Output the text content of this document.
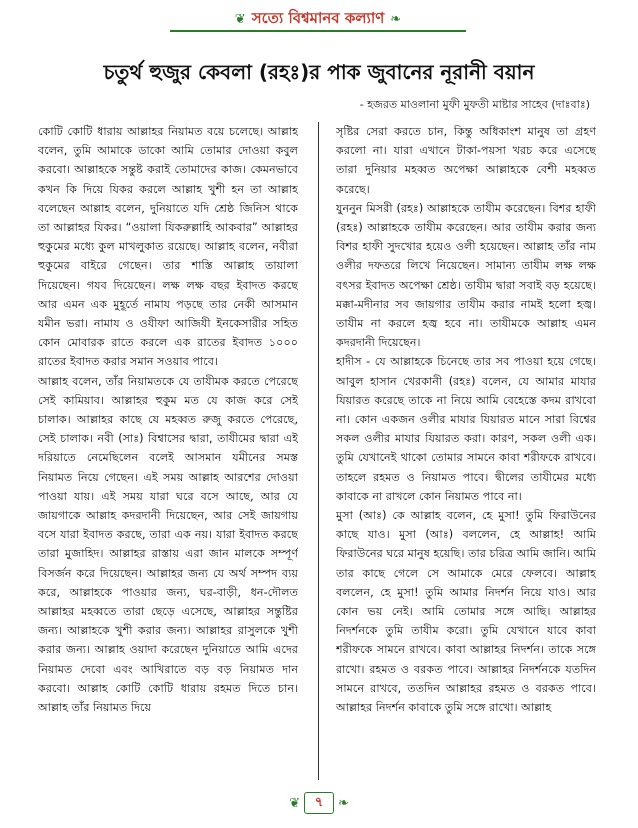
❦ সত্যে বিশ্বমানব কল্যাণ ❧
চতুর্থ হুজুর কেবলা (রহঃ)র পাক জুবানের নূরানী বয়ান
- হজরত মাওলানা মুফী মুফতী মাষ্টার সাহেব (দাঃবাঃ)

কোটি কোটি ধারায় আল্লাহর নিয়ামত বয়ে চলেছে। আল্লাহ বলেন, তুমি আমাকে ডাকো আমি তোমার দোওয়া কবুল করবো। আল্লাহকে সন্তুষ্ট করাই তোমাদের কাজ। কেমনভাবে কখন কি দিয়ে যিকর করলে আল্লাহ খুশী হন তা আল্লাহ বলেছেন আল্লাহ বলেন, দুনিয়াতে যদি শ্রেষ্ঠ জিনিস থাকে তা আল্লাহর যিকর। “ওয়ালা যিকরুল্লাহি আকবার” আল্লাহর হুকুমের মধ্যে কুল মাখলুকাত রয়েছে। আল্লাহ বলেন, নবীরা হুকুমের বাইরে গেছেন। তার শাস্তি আল্লাহ তায়ালা দিয়েছেন। গযব দিয়েছেন। লক্ষ লক্ষ বছর ইবাদত করছে আর এমন এক মুহূর্তে নামায পড়ছে তার নেকী আসমান যমীন ভরা। নামায ও ওযীফা আজিযী ইনকেসারীর সহিত কোন মোবারক রাতে করলে এক রাতের ইবাদত ১০০০ রাতের ইবাদত করার সমান সওয়াব পাবে।

আল্লাহ বলেন, তাঁর নিয়ামতকে যে তাযীমক করতে পেরেছে সেই কামিয়াব। আল্লাহর হুকুম মত যে কাজ করে সেই চালাক। আল্লাহর কাছে যে মহব্বত রুজু করতে পেরেছে, সেই চালাক। নবী (সাঃ) বিশ্বাসের দ্বারা, তাযীমের দ্বারা এই দরিয়াতে নেমেছিলেন বলেই আসমান যমীনের সমস্ত নিয়ামত নিয়ে গেছেন। এই সময় আল্লাহ আরশের দোওয়া পাওয়া যায়। এই সময় যারা ঘরে বসে আছে, আর যে জায়গাকে আল্লাহ কদরদানী দিয়েছেন, আর সেই জায়গায় বসে যারা ইবাদত করছে, তারা এক নয়। যারা ইবাদত করছে তারা মুজাহিদ। আল্লাহর রাস্তায় এরা জান মালকে সম্পূর্ণ বিসর্জন করে দিয়েছেন। আল্লাহর জন্য যে অর্থ সম্পদ ব্যয় করে, আল্লাহকে পাওয়ার জন্য, ঘর-বাড়ী, ধন-দৌলত আল্লাহর মহব্বতে তারা ছেড়ে এসেছে, আল্লাহর সন্তুষ্টির জন্য। আল্লাহকে খুশী করার জন্য। আল্লাহর রাসুলকে খুশী করার জন্য। আল্লাহ ওয়াদা করেছেন দুনিয়াতে আমি এদের নিয়ামত দেবো এবং আখিরাতে বড় বড় নিয়ামত দান করবো। আল্লাহ কোটি কোটি ধারায় রহমত দিতে চান। আল্লাহ তাঁর নিয়ামত দিয়ে

সৃষ্টির সেরা করতে চান, কিন্তু অধিকাংশ মানুষ তা গ্রহণ করলো না। যারা এখানে টাকা-পয়সা খরচ করে এসেছে তারা দুনিয়ার মহব্বত অপেক্ষা আল্লাহকে বেশী মহব্বত করেছে।

যুননুন মিসরী (রহঃ) আল্লাহকে তাযীম করেছেন। বিশর হাফী (রহঃ) আল্লাহকে তাযীম করেছেন। আর তাযীম করার জন্য বিশর হাফী সুদখোর হয়েও ওলী হয়েছেন। আল্লাহ তাঁর নাম ওলীর দফতরে লিখে নিয়েছেন। সামান্য তাযীম লক্ষ লক্ষ বৎসর ইবাদত অপেক্ষা শ্রেষ্ঠ। তাযীম দ্বারা সবাই বড় হয়েছে। মক্কা-মদীনার সব জায়গার তাযীম করার নামই হলো হজ্ব। তাযীম না করলে হজ্ব হবে না। তাযীমকে আল্লাহ এমন কদরদানী দিয়েছেন।

হাদীস - যে আল্লাহকে চিনেছে তার সব পাওয়া হয়ে গেছে। আবুল হাসান খেরকানী (রহঃ) বলেন, যে আমার মাযার যিয়ারত করেছে তাকে না নিয়ে আমি বেহেস্তে কদম রাখবো না। কোন একজন ওলীর মাযার যিয়ারত মানে সারা বিশ্বের সকল ওলীর মাযার যিয়ারত করা। কারণ, সকল ওলী এক। তুমি যেখানেই থাকো তোমার সামনে কাবা শরীফকে রাখবে। তাহলে রহমত ও নিয়ামত পাবে। দ্বীলের তাযীমের মধ্যে কাবাকে না রাখলে কোন নিয়ামত পাবে না।

মুসা (আঃ) কে আল্লাহ বলেন, হে মুসা! তুমি ফিরাউনের কাছে যাও। মুসা (আঃ) বললেন, হে আল্লাহ! আমি ফিরাউনের ঘরে মানুষ হয়েছি। তার চরিত্র আমি জানি। আমি তার কাছে গেলে সে আমাকে মেরে ফেলবে। আল্লাহ বললেন, হে মুসা! তুমি আমার নিদর্শন নিয়ে যাও। আর কোন ভয় নেই। আমি তোমার সঙ্গে আছি। আল্লাহর নিদর্শনকে তুমি তাযীম করো। তুমি যেখানে যাবে কাবা শরীফকে সামনে রাখবে। কাবা আল্লাহর নিদর্শন। তাকে সঙ্গে রাখো। রহমত ও বরকত পাবে। আল্লাহর নিদর্শনকে যতদিন সামনে রাখবে, ততদিন আল্লাহর রহমত ও বরকত পাবে। আল্লাহর নিদর্শন কাবাকে তুমি সঙ্গে রাখো। আল্লাহ

❦	৭	❧
